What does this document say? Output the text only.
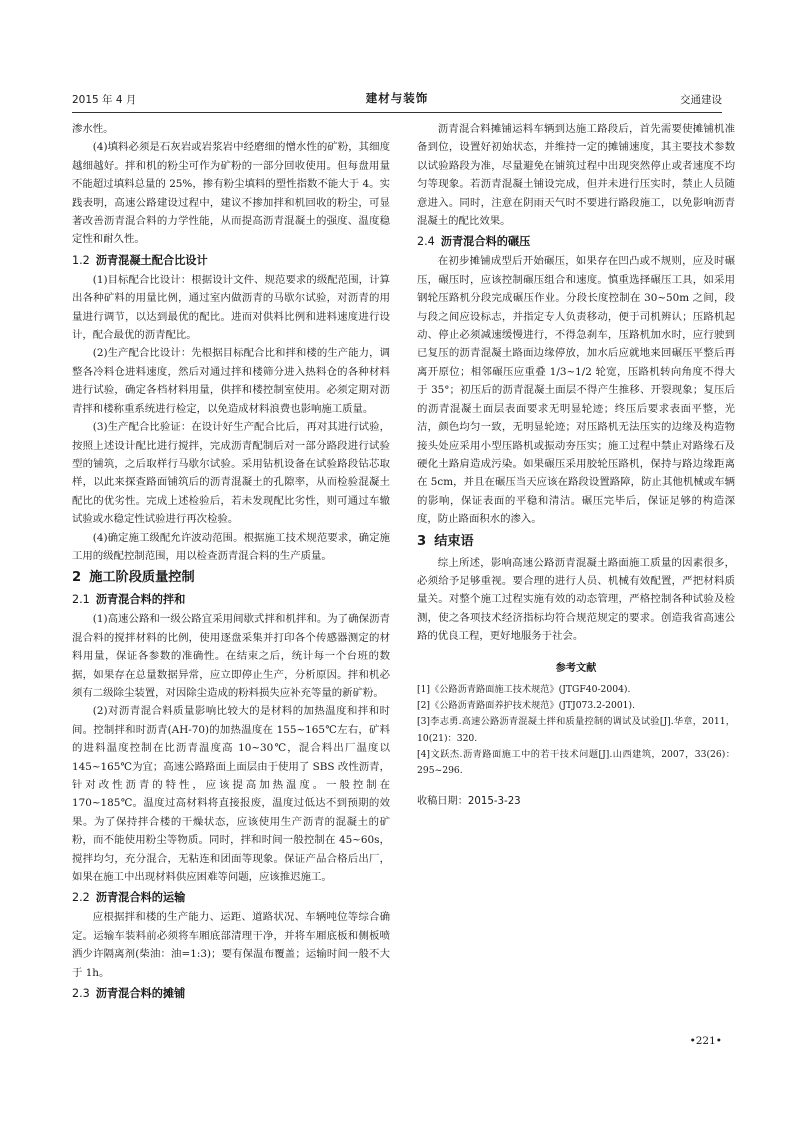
2015 年 4 月	建材与装饰	交通建设

渗水性。

(4)填料必须是石灰岩或岩浆岩中经磨细的憎水性的矿粉，其细度越细越好。拌和机的粉尘可作为矿粉的一部分回收使用。但每盘用量不能超过填料总量的 25%，掺有粉尘填料的塑性指数不能大于 4。实践表明，高速公路建设过程中，建议不掺加拌和机回收的粉尘，可显著改善沥青混合料的力学性能，从而提高沥青混凝土的强度、温度稳定性和耐久性。

1.2 沥青混凝土配合比设计

(1)目标配合比设计：根据设计文件、规范要求的级配范围，计算出各种矿料的用量比例，通过室内做沥青的马歇尔试验，对沥青的用量进行调节，以达到最优的配比。进而对供料比例和进料速度进行设计，配合最优的沥青配比。

(2)生产配合比设计：先根据目标配合比和拌和楼的生产能力，调整各冷料仓进料速度，然后对通过拌和楼筛分进入热料仓的各种材料进行试验，确定各档材料用量，供拌和楼控制室使用。必须定期对沥青拌和楼称重系统进行检定，以免造成材料浪费也影响施工质量。

(3)生产配合比验证：在设计好生产配合比后，再对其进行试验，按照上述设计配比进行搅拌，完成沥青配制后对一部分路段进行试验型的铺筑，之后取样行马歇尔试验。采用钻机设备在试验路段钻芯取样，以此来探查路面铺筑后的沥青混凝土的孔隙率，从而检验混凝土配比的优劣性。完成上述检验后，若未发现配比劣性，则可通过车辙试验或水稳定性试验进行再次检验。

(4)确定施工级配允许波动范围。根据施工技术规范要求，确定施工用的级配控制范围，用以检查沥青混合料的生产质量。

2 施工阶段质量控制
2.1 沥青混合料的拌和

(1)高速公路和一级公路宜采用间歇式拌和机拌和。为了确保沥青混合料的搅拌材料的比例，使用逐盘采集并打印各个传感器测定的材料用量，保证各参数的准确性。在结束之后，统计每一个台班的数据，如果存在总量数据异常，应立即停止生产，分析原因。拌和机必须有二级除尘装置，对因除尘造成的粉料损失应补充等量的新矿粉。

(2)对沥青混合料质量影响比较大的是材料的加热温度和拌和时间。控制拌和时沥青(AH-70)的加热温度在 155~165℃左右，矿料的进料温度控制在比沥青温度高 10~30℃，混合料出厂温度以 145~165℃为宜；高速公路路面上面层由于使用了 SBS 改性沥青，针对改性沥青的特性，应该提高加热温度。一般控制在 170~185℃。温度过高材料将直接报废，温度过低达不到预期的效果。为了保持拌合楼的干燥状态，应该使用生产沥青的混凝土的矿粉，而不能使用粉尘等物质。同时，拌和时间一般控制在 45~60s，搅拌均匀，充分混合，无粘连和团面等现象。保证产品合格后出厂，如果在施工中出现材料供应困难等问题，应该推迟施工。

2.2 沥青混合料的运输

应根据拌和楼的生产能力、运距、道路状况、车辆吨位等综合确定。运输车装料前必须将车厢底部清理干净，并将车厢底板和侧板喷洒少许隔离剂(柴油：油=1:3)；要有保温布覆盖；运输时间一般不大于 1h。

2.3 沥青混合料的摊铺

沥青混合料摊铺运料车辆到达施工路段后，首先需要使摊铺机准备到位，设置好初始状态，并维持一定的摊铺速度，其主要技术参数以试验路段为准，尽量避免在铺筑过程中出现突然停止或者速度不均匀等现象。若沥青混凝土铺设完成，但并未进行压实时，禁止人员随意进入。同时，注意在阴雨天气时不要进行路段施工，以免影响沥青混凝土的配比效果。

2.4 沥青混合料的碾压

在初步摊铺成型后开始碾压，如果存在凹凸或不规则，应及时碾压，碾压时，应该控制碾压组合和速度。慎重选择碾压工具，如采用钢轮压路机分段完成碾压作业。分段长度控制在 30~50m 之间，段与段之间应设标志，并指定专人负责移动，便于司机辨认；压路机起动、停止必须减速缓慢进行，不得急刹车，压路机加水时，应行驶到已复压的沥青混凝土路面边缘停放，加水后应就地来回碾压平整后再离开原位；相邻碾压应重叠 1/3~1/2 轮宽，压路机转向角度不得大于 35°；初压后的沥青混凝土面层不得产生推移、开裂现象；复压后的沥青混凝土面层表面要求无明显轮迹；终压后要求表面平整，光洁，颜色均匀一致，无明显轮迹；对压路机无法压实的边缘及构造物接头处应采用小型压路机或振动夯压实；施工过程中禁止对路缘石及硬化土路肩造成污染。如果碾压采用胶轮压路机，保持与路边缘距离在 5cm，并且在碾压当天应该在路段设置路障，防止其他机械或车辆的影响，保证表面的平稳和清洁。碾压完毕后，保证足够的构造深度，防止路面积水的渗入。

3 结束语

综上所述，影响高速公路沥青混凝土路面施工质量的因素很多，必须给予足够重视。要合理的进行人员、机械有效配置，严把材料质量关。对整个施工过程实施有效的动态管理，严格控制各种试验及检测，使之各项技术经济指标均符合规范规定的要求。创造我省高速公路的优良工程，更好地服务于社会。

参考文献
[1]《公路沥青路面施工技术规范》(JTGF40-2004).
[2]《公路沥青路面养护技术规范》(JTJ073.2-2001).
[3]李志勇.高速公路沥青混凝土拌和质量控制的调试及试验[J].华章，2011，10(21)：320.
[4]文跃杰.沥青路面施工中的若干技术问题[J].山西建筑，2007，33(26)：295~296.
收稿日期：2015-3-23
•221•
